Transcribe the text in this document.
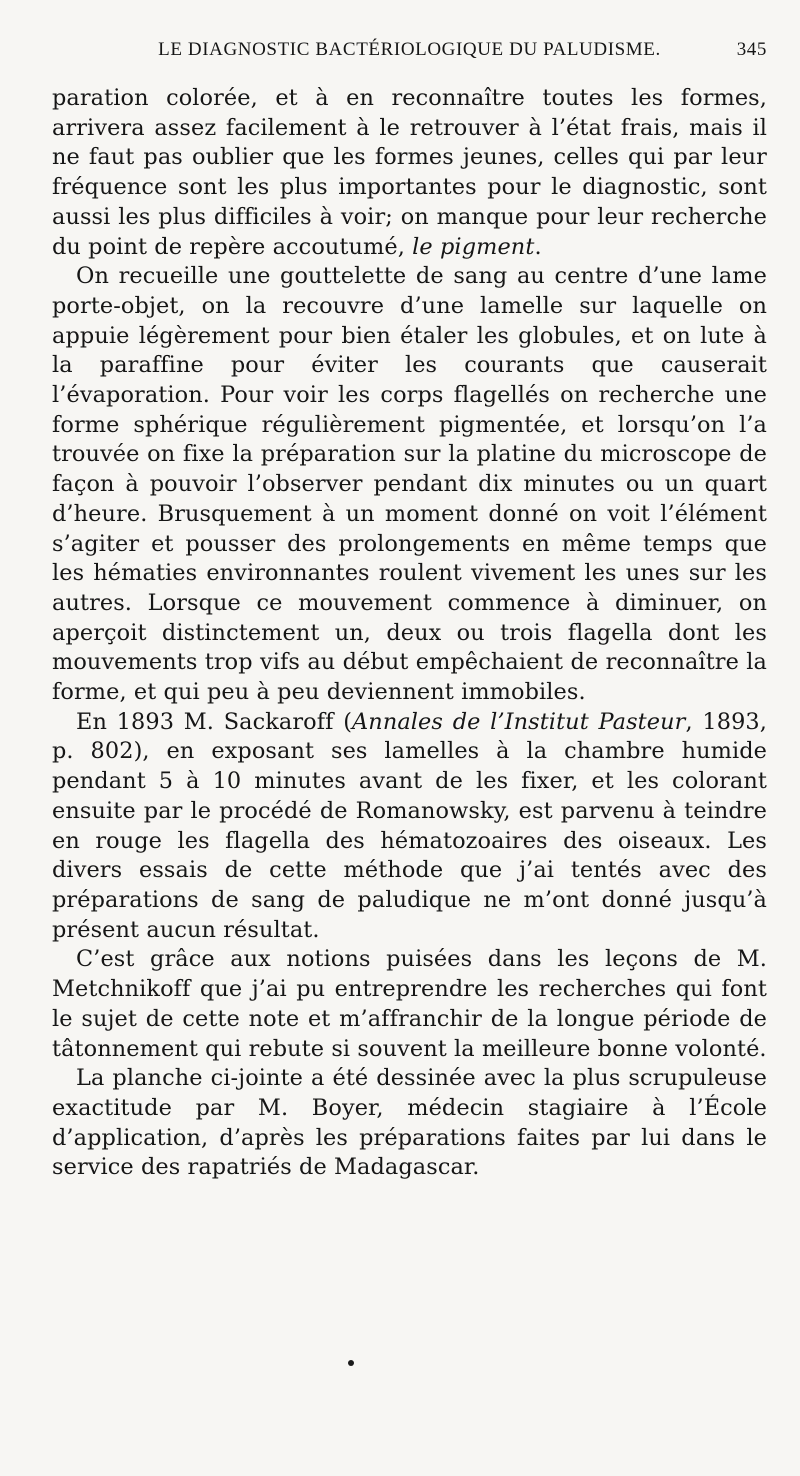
LE DIAGNOSTIC BACTÉRIOLOGIQUE DU PALUDISME.	345

paration colorée, et à en reconnaître toutes les formes, arrivera assez facilement à le retrouver à l’état frais, mais il ne faut pas oublier que les formes jeunes, celles qui par leur fréquence sont les plus importantes pour le diagnostic, sont aussi les plus difficiles à voir; on manque pour leur recherche du point de repère accoutumé, le pigment.

On recueille une gouttelette de sang au centre d’une lame porte-objet, on la recouvre d’une lamelle sur laquelle on appuie légèrement pour bien étaler les globules, et on lute à la paraffine pour éviter les courants que causerait l’évaporation. Pour voir les corps flagellés on recherche une forme sphérique régulièrement pigmentée, et lorsqu’on l’a trouvée on fixe la préparation sur la platine du microscope de façon à pouvoir l’observer pendant dix minutes ou un quart d’heure. Brusquement à un moment donné on voit l’élément s’agiter et pousser des prolongements en même temps que les hématies environnantes roulent vivement les unes sur les autres. Lorsque ce mouvement commence à diminuer, on aperçoit distinctement un, deux ou trois flagella dont les mouvements trop vifs au début empêchaient de reconnaître la forme, et qui peu à peu deviennent immobiles.

En 1893 M. Sackaroff (Annales de l’Institut Pasteur, 1893, p. 802), en exposant ses lamelles à la chambre humide pendant 5 à 10 minutes avant de les fixer, et les colorant ensuite par le procédé de Romanowsky, est parvenu à teindre en rouge les flagella des hématozoaires des oiseaux. Les divers essais de cette méthode que j’ai tentés avec des préparations de sang de paludique ne m’ont donné jusqu’à présent aucun résultat.

C’est grâce aux notions puisées dans les leçons de M. Metchnikoff que j’ai pu entreprendre les recherches qui font le sujet de cette note et m’affranchir de la longue période de tâtonnement qui rebute si souvent la meilleure bonne volonté.

La planche ci-jointe a été dessinée avec la plus scrupuleuse exactitude par M. Boyer, médecin stagiaire à l’École d’application, d’après les préparations faites par lui dans le service des rapatriés de Madagascar.
